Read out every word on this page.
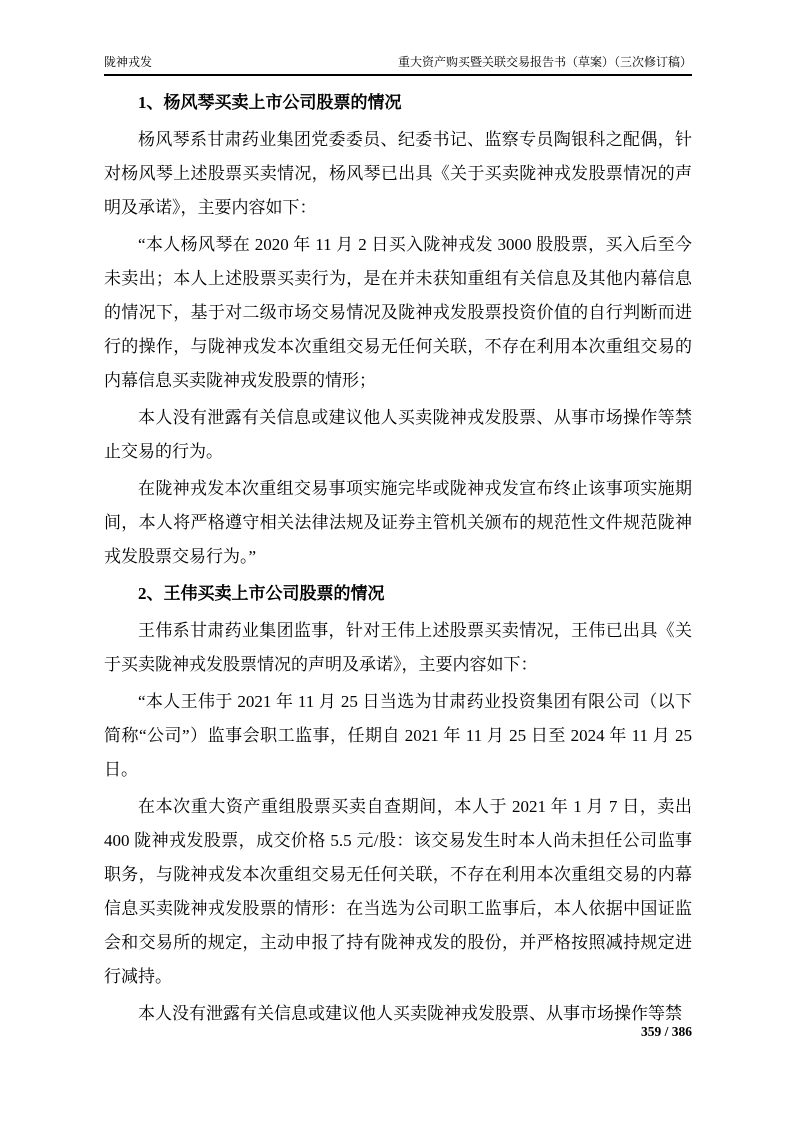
陇神戎发	重大资产购买暨关联交易报告书（草案）（三次修订稿）
1、杨风琴买卖上市公司股票的情况

杨风琴系甘肃药业集团党委委员、纪委书记、监察专员陶银科之配偶，针对杨风琴上述股票买卖情况，杨风琴已出具《关于买卖陇神戎发股票情况的声明及承诺》，主要内容如下：

“本人杨风琴在 2020 年 11 月 2 日买入陇神戎发 3000 股股票，买入后至今未卖出；本人上述股票买卖行为，是在并未获知重组有关信息及其他内幕信息的情况下，基于对二级市场交易情况及陇神戎发股票投资价值的自行判断而进行的操作，与陇神戎发本次重组交易无任何关联，不存在利用本次重组交易的内幕信息买卖陇神戎发股票的情形；

本人没有泄露有关信息或建议他人买卖陇神戎发股票、从事市场操作等禁止交易的行为。

在陇神戎发本次重组交易事项实施完毕或陇神戎发宣布终止该事项实施期间，本人将严格遵守相关法律法规及证券主管机关颁布的规范性文件规范陇神戎发股票交易行为。”

2、王伟买卖上市公司股票的情况

王伟系甘肃药业集团监事，针对王伟上述股票买卖情况，王伟已出具《关于买卖陇神戎发股票情况的声明及承诺》，主要内容如下：

“本人王伟于 2021 年 11 月 25 日当选为甘肃药业投资集团有限公司（以下简称“公司”）监事会职工监事，任期自 2021 年 11 月 25 日至 2024 年 11 月 25 日。

在本次重大资产重组股票买卖自查期间，本人于 2021 年 1 月 7 日，卖出 400 陇神戎发股票，成交价格 5.5 元/股：该交易发生时本人尚未担任公司监事职务，与陇神戎发本次重组交易无任何关联，不存在利用本次重组交易的内幕信息买卖陇神戎发股票的情形：在当选为公司职工监事后，本人依据中国证监会和交易所的规定，主动申报了持有陇神戎发的股份，并严格按照减持规定进行减持。

本人没有泄露有关信息或建议他人买卖陇神戎发股票、从事市场操作等禁

359 / 386
